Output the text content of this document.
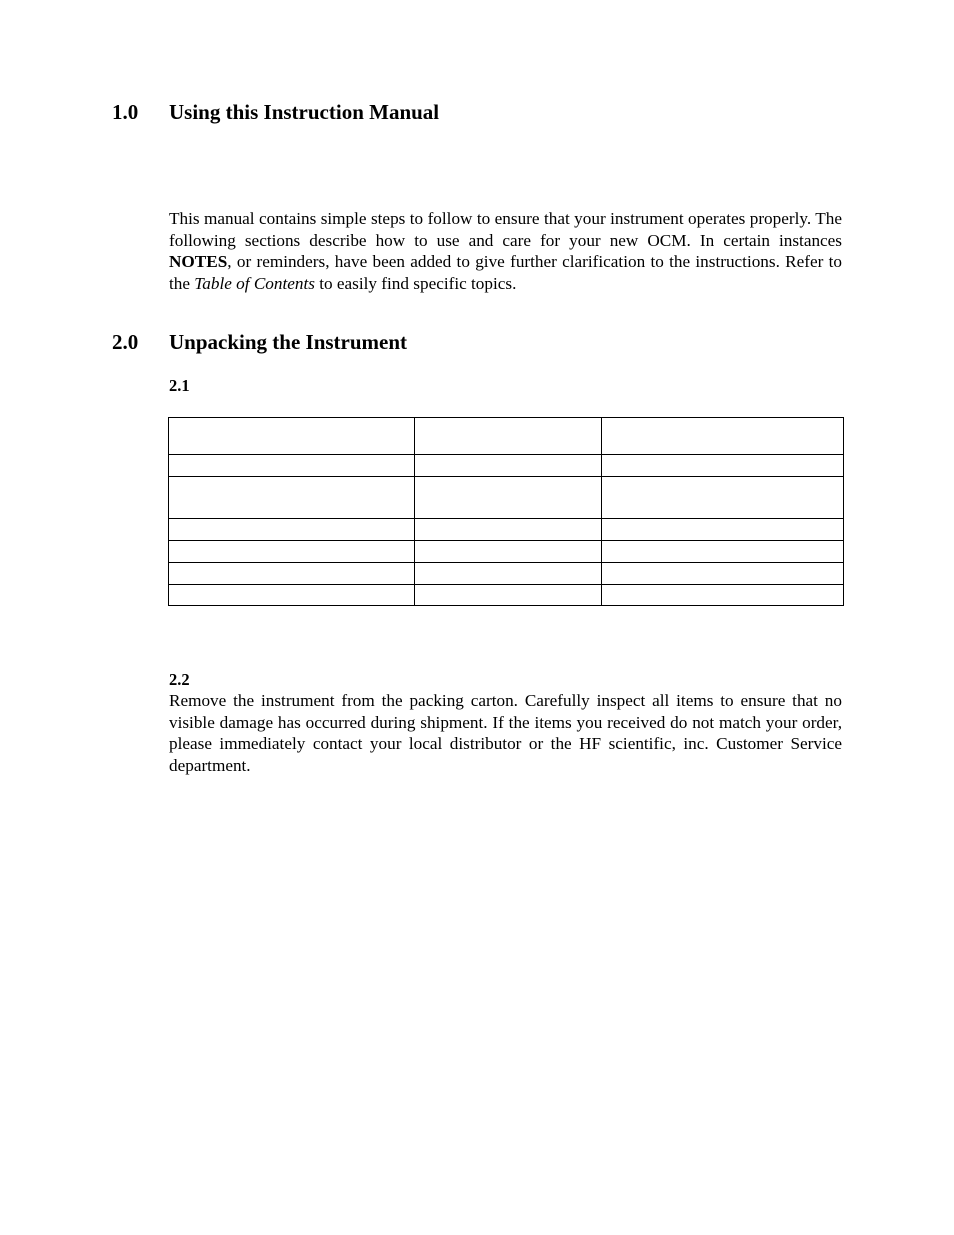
1.0 Using this Instruction Manual
This manual contains simple steps to follow to ensure that your instrument operates properly. The following sections describe how to use and care for your new OCM. In certain instances NOTES, or reminders, have been added to give further clarification to the instructions. Refer to the Table of Contents to easily find specific topics.
2.0 Unpacking the Instrument
2.1

2.2
Remove the instrument from the packing carton. Carefully inspect all items to ensure that no visible damage has occurred during shipment. If the items you received do not match your order, please immediately contact your local distributor or the HF scientific, inc. Customer Service department.
